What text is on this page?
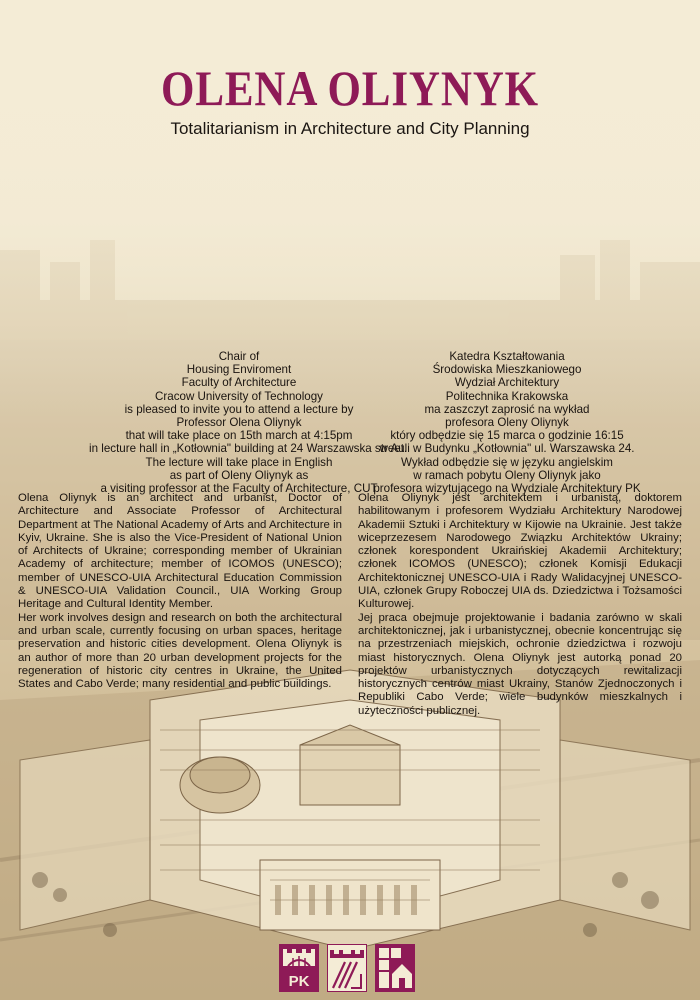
OLENA OLIYNYK
Totalitarianism in Architecture and City Planning
Chair of
Housing Enviroment
Faculty of Architecture
Cracow University of Technology
is pleased to invite you to attend a lecture by
Professor Olena Oliynyk
that will take place on 15th march at 4:15pm
in lecture hall in „Kotłownia" building at 24 Warszawska street.
The lecture will take place in English
as part of Oleny Oliynyk as
a visiting professor at the Faculty of Architecture, CUT
Katedra Kształtowania
Środowiska Mieszkaniowego
Wydział Architektury
Politechnika Krakowska
ma zaszczyt zaprosić na wykład
profesora Oleny Oliynyk
który odbędzie się 15 marca o godzinie 16:15
w Auli w Budynku „Kotłownia" ul. Warszawska 24.
Wykład odbędzie się w języku angielskim
w ramach pobytu Oleny Oliynyk jako
profesora wizytującego na Wydziale Architektury PK

Olena Oliynyk is an architect and urbanist, Doctor of Architecture and Associate Professor of Architectural Department at The National Academy of Arts and Architecture in Kyiv, Ukraine. She is also the Vice-President of National Union of Architects of Ukraine; corresponding member of Ukrainian Academy of architecture; member of ICOMOS (UNESCO); member of UNESCO-UIA Architectural Education Commission & UNESCO-UIA Validation Council., UIA Working Group Heritage and Cultural Identity Member.

Her work involves design and research on both the architectural and urban scale, currently focusing on urban spaces, heritage preservation and historic cities development. Olena Oliynyk is an author of more than 20 urban development projects for the regeneration of historic city centres in Ukraine, the United States and Cabo Verde; many residential and public buildings.

Olena Oliynyk jest architektem i urbanistą, doktorem habilitowanym i profesorem Wydziału Architektury Narodowej Akademii Sztuki i Architektury w Kijowie na Ukrainie. Jest także wiceprzezesem Narodowego Związku Architektów Ukrainy; członek korespondent Ukraińskiej Akademii Architektury; członek ICOMOS (UNESCO); członek Komisji Edukacji Architektonicznej UNESCO-UIA i Rady Walidacyjnej UNESCO-UIA, członek Grupy Roboczej UIA ds. Dziedzictwa i Tożsamości Kulturowej.

Jej praca obejmuje projektowanie i badania zarówno w skali architektonicznej, jak i urbanistycznej, obecnie koncentrując się na przestrzeniach miejskich, ochronie dziedzictwa i rozwoju miast historycznych. Olena Oliynyk jest autorką ponad 20 projektów urbanistycznych dotyczących rewitalizacji historycznych centrów miast Ukrainy, Stanów Zjednoczonych i Republiki Cabo Verde; wiele budynków mieszkalnych i użyteczności publicznej.

PK
